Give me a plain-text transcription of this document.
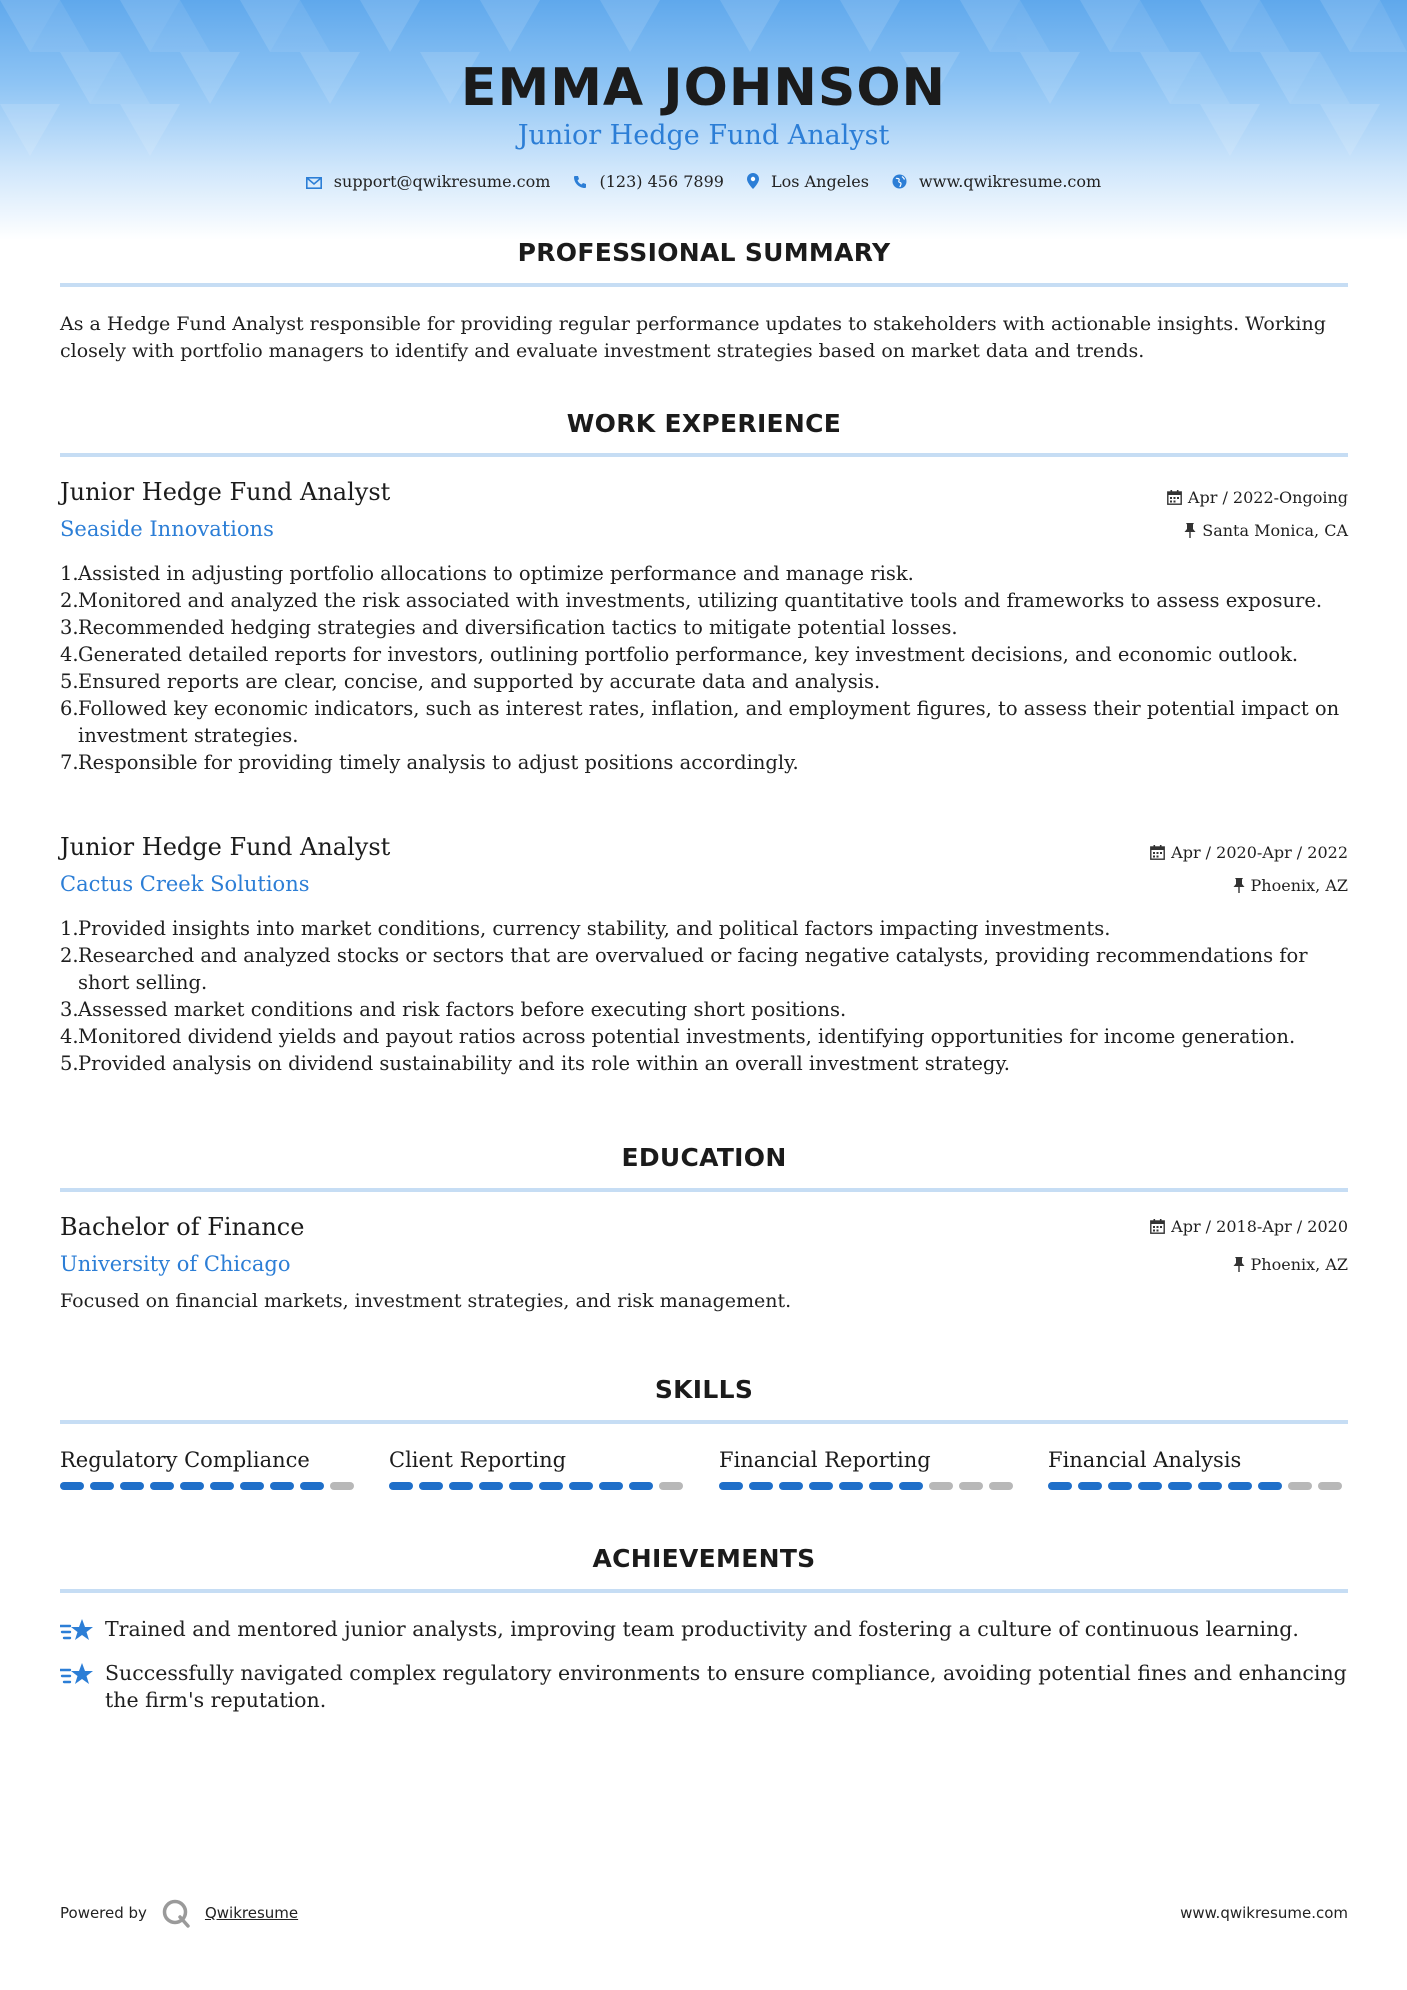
EMMA JOHNSON
Junior Hedge Fund Analyst
support@qwikresume.com	(123) 456 7899	Los Angeles	www.qwikresume.com
PROFESSIONAL SUMMARY
As a Hedge Fund Analyst responsible for providing regular performance updates to stakeholders with actionable insights. Working closely with portfolio managers to identify and evaluate investment strategies based on market data and trends.
WORK EXPERIENCE
Junior Hedge Fund Analyst
Seaside Innovations
Apr / 2022-Ongoing
Santa Monica, CA
1.Assisted in adjusting portfolio allocations to optimize performance and manage risk.
2.Monitored and analyzed the risk associated with investments, utilizing quantitative tools and frameworks to assess exposure.
3.Recommended hedging strategies and diversification tactics to mitigate potential losses.
4.Generated detailed reports for investors, outlining portfolio performance, key investment decisions, and economic outlook.
5.Ensured reports are clear, concise, and supported by accurate data and analysis.
6.Followed key economic indicators, such as interest rates, inflation, and employment figures, to assess their potential impact on investment strategies.
7.Responsible for providing timely analysis to adjust positions accordingly.
Junior Hedge Fund Analyst
Cactus Creek Solutions
Apr / 2020-Apr / 2022
Phoenix, AZ
1.Provided insights into market conditions, currency stability, and political factors impacting investments.
2.Researched and analyzed stocks or sectors that are overvalued or facing negative catalysts, providing recommendations for short selling.
3.Assessed market conditions and risk factors before executing short positions.
4.Monitored dividend yields and payout ratios across potential investments, identifying opportunities for income generation.
5.Provided analysis on dividend sustainability and its role within an overall investment strategy.
EDUCATION
Bachelor of Finance
University of Chicago
Apr / 2018-Apr / 2020
Phoenix, AZ
Focused on financial markets, investment strategies, and risk management.
SKILLS
Regulatory Compliance	Client Reporting	Financial Reporting	Financial Analysis
ACHIEVEMENTS
Trained and mentored junior analysts, improving team productivity and fostering a culture of continuous learning.
Successfully navigated complex regulatory environments to ensure compliance, avoiding potential fines and enhancing the firm's reputation.
Powered by	Qwikresume	www.qwikresume.com
